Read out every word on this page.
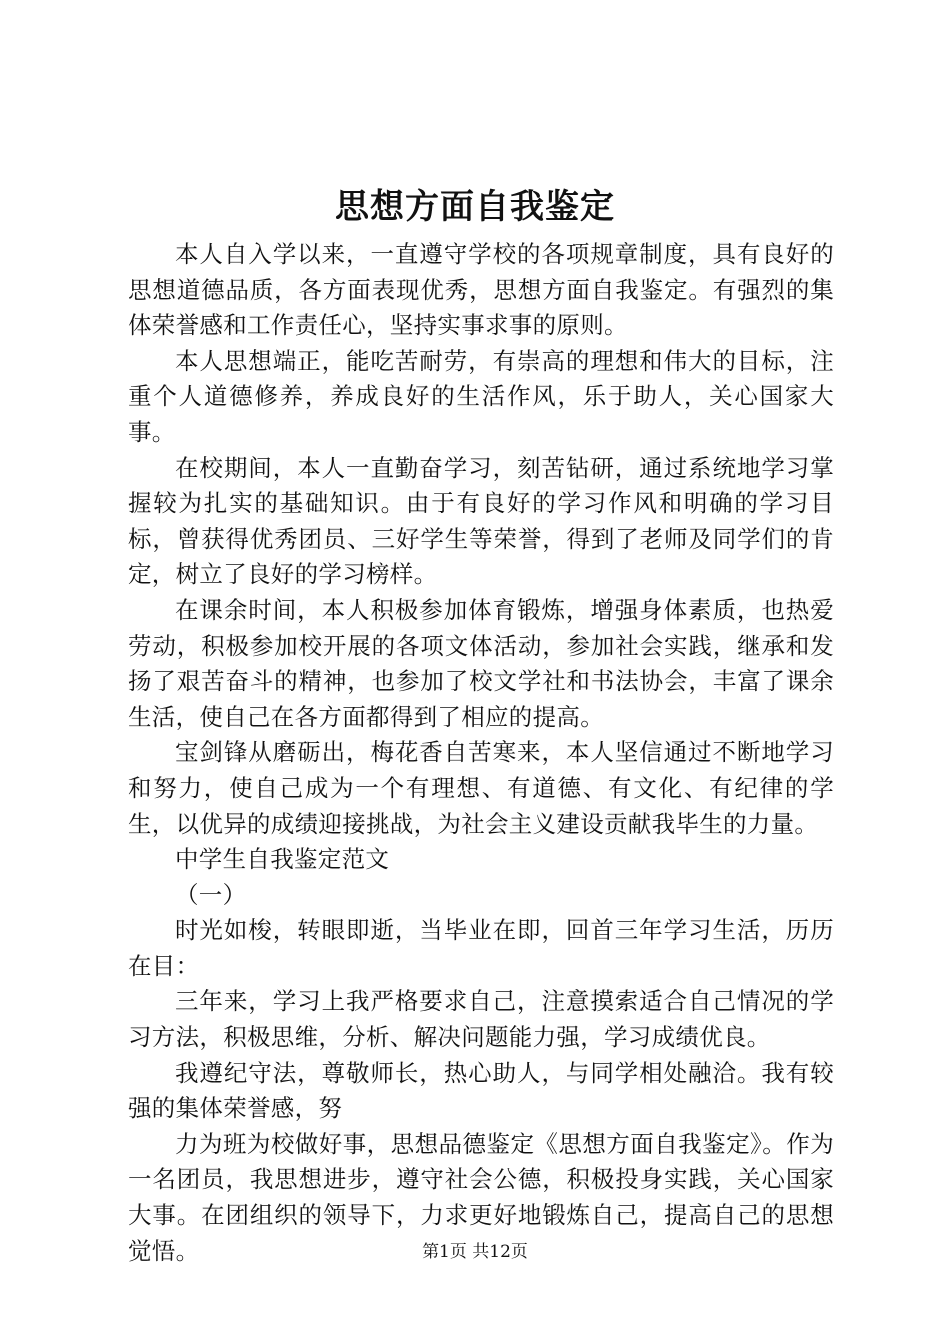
思想方面自我鉴定

本人自入学以来，一直遵守学校的各项规章制度，具有良好的思想道德品质，各方面表现优秀，思想方面自我鉴定。有强烈的集体荣誉感和工作责任心，坚持实事求事的原则。

本人思想端正，能吃苦耐劳，有崇高的理想和伟大的目标，注重个人道德修养，养成良好的生活作风，乐于助人，关心国家大事。

在校期间，本人一直勤奋学习，刻苦钻研，通过系统地学习掌握较为扎实的基础知识。由于有良好的学习作风和明确的学习目标，曾获得优秀团员、三好学生等荣誉，得到了老师及同学们的肯定，树立了良好的学习榜样。

在课余时间，本人积极参加体育锻炼，增强身体素质，也热爱劳动，积极参加校开展的各项文体活动，参加社会实践，继承和发扬了艰苦奋斗的精神，也参加了校文学社和书法协会，丰富了课余生活，使自己在各方面都得到了相应的提高。

宝剑锋从磨砺出，梅花香自苦寒来，本人坚信通过不断地学习和努力，使自己成为一个有理想、有道德、有文化、有纪律的学生，以优异的成绩迎接挑战，为社会主义建设贡献我毕生的力量。

中学生自我鉴定范文

（一）

时光如梭，转眼即逝，当毕业在即，回首三年学习生活，历历在目：

三年来，学习上我严格要求自己，注意摸索适合自己情况的学习方法，积极思维，分析、解决问题能力强，学习成绩优良。

我遵纪守法，尊敬师长，热心助人，与同学相处融洽。我有较强的集体荣誉感，努

力为班为校做好事，思想品德鉴定《思想方面自我鉴定》。作为一名团员，我思想进步，遵守社会公德，积极投身实践，关心国家大事。在团组织的领导下，力求更好地锻炼自己，提高自己的思想觉悟。	第1页 共12页
